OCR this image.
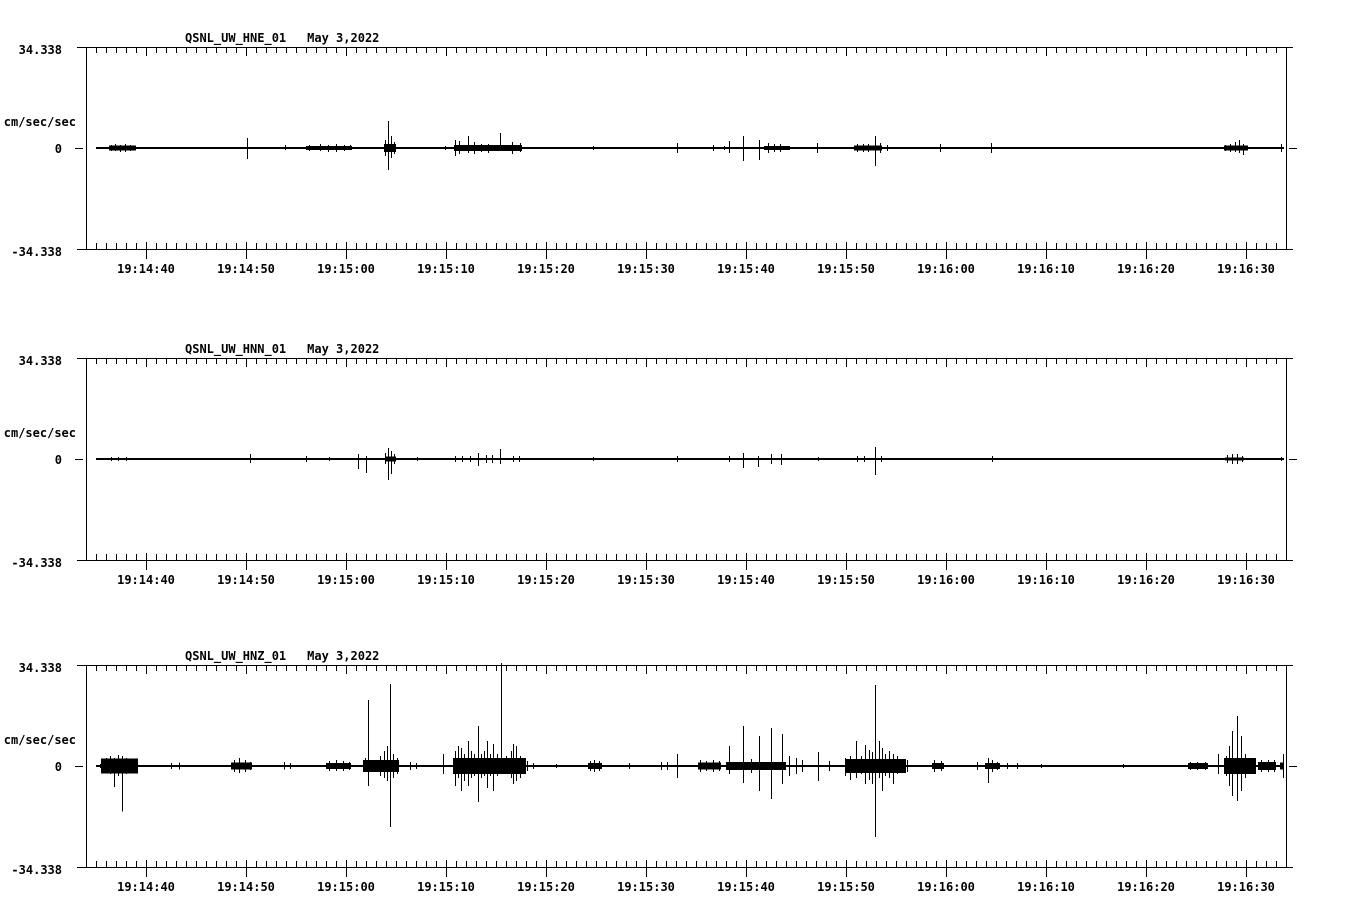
QSNL_UW_HNE_01 May 3,2022
34.338
cm/sec/sec
0
-34.338
19:14:40	19:14:50	19:15:00	19:15:10	19:15:20	19:15:30	19:15:40	19:15:50	19:16:00	19:16:10	19:16:20	19:16:30
QSNL_UW_HNN_01 May 3,2022
34.338
cm/sec/sec
0
-34.338
19:14:40	19:14:50	19:15:00	19:15:10	19:15:20	19:15:30	19:15:40	19:15:50	19:16:00	19:16:10	19:16:20	19:16:30
QSNL_UW_HNZ_01 May 3,2022
34.338
cm/sec/sec
0
-34.338
19:14:40	19:14:50	19:15:00	19:15:10	19:15:20	19:15:30	19:15:40	19:15:50	19:16:00	19:16:10	19:16:20	19:16:30
